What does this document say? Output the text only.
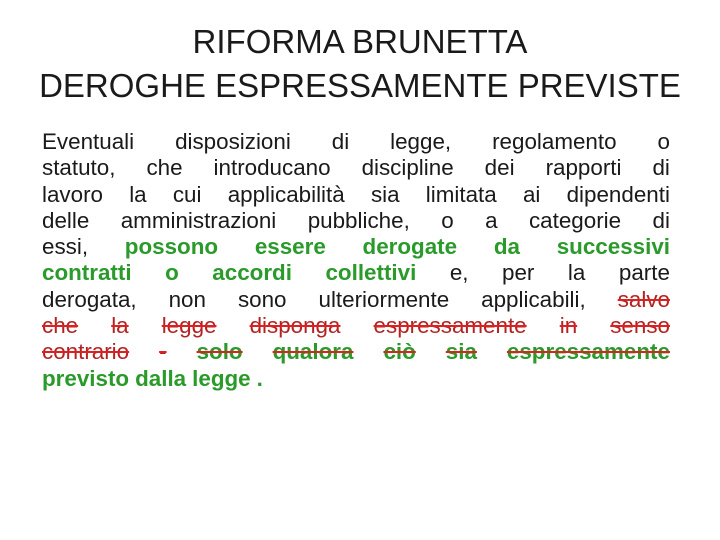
RIFORMA BRUNETTA
DEROGHE ESPRESSAMENTE PREVISTE
Eventuali disposizioni di legge, regolamento o
statuto, che introducano discipline dei rapporti di
lavoro la cui applicabilità sia limitata ai dipendenti
delle amministrazioni pubbliche, o a categorie di
essi, possono essere derogate da successivi
contratti o accordi collettivi e, per la parte
derogata, non sono ulteriormente applicabili, salvo
che la legge disponga espressamente in senso
contrario - solo qualora ciò sia espressamente
previsto dalla legge .
